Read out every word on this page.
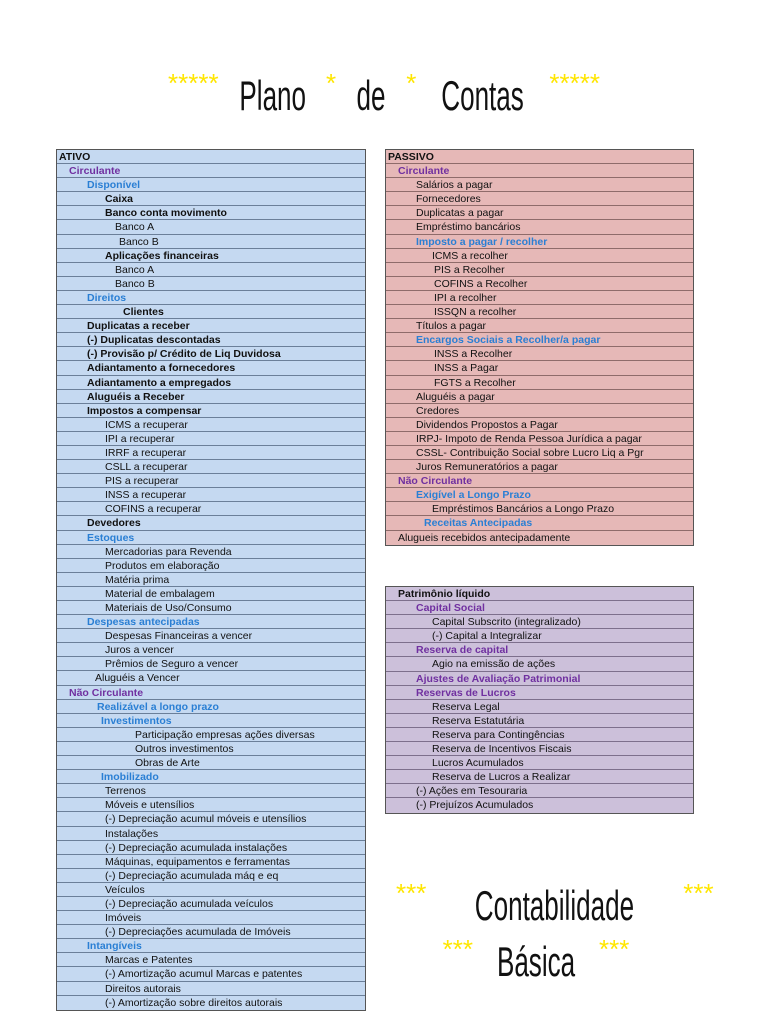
***** Plano * de * Contas *****
ATIVO
Circulante
Disponível
Caixa
Banco conta movimento
Banco A
Banco B
Aplicações financeiras
Banco A
Banco B
Direitos
Clientes
Duplicatas a receber
(-) Duplicatas descontadas
(-) Provisão p/ Crédito de Liq Duvidosa
Adiantamento a fornecedores
Adiantamento a empregados
Aluguéis a Receber
Impostos a compensar
ICMS a recuperar
IPI a recuperar
IRRF a recuperar
CSLL a recuperar
PIS a recuperar
INSS a recuperar
COFINS a recuperar
Devedores
Estoques
Mercadorias para Revenda
Produtos em elaboração
Matéria prima
Material de embalagem
Materiais de Uso/Consumo
Despesas antecipadas
Despesas Financeiras a vencer
Juros a vencer
Prêmios de Seguro a vencer
Aluguéis a Vencer
Não Circulante
Realizável a longo prazo
Investimentos
Participação empresas ações diversas
Outros investimentos
Obras de Arte
Imobilizado
Terrenos
Móveis e utensílios
(-) Depreciação acumul móveis e utensílios
Instalações
(-) Depreciação acumulada instalações
Máquinas, equipamentos e ferramentas
(-) Depreciação acumulada máq e eq
Veículos
(-) Depreciação acumulada veículos
Imóveis
(-) Depreciações acumulada de Imóveis
Intangíveis
Marcas e Patentes
(-) Amortização acumul Marcas e patentes
Direitos autorais
(-) Amortização sobre direitos autorais
PASSIVO
Circulante
Salários a pagar
Fornecedores
Duplicatas a pagar
Empréstimo bancários
Imposto a pagar / recolher
ICMS a recolher
PIS a Recolher
COFINS a Recolher
IPI a recolher
ISSQN a recolher
Títulos a pagar
Encargos Sociais a Recolher/a pagar
INSS a Recolher
INSS a Pagar
FGTS a Recolher
Aluguéis a pagar
Credores
Dividendos Propostos a Pagar
IRPJ- Impoto de Renda Pessoa Jurídica a pagar
CSSL- Contribuição Social sobre Lucro Liq a Pgr
Juros Remuneratórios a pagar
Não Circulante
Exigível a Longo Prazo
Empréstimos Bancários a Longo Prazo
Receitas Antecipadas
Alugueis recebidos antecipadamente
Patrimônio líquido
Capital Social
Capital Subscrito (integralizado)
(-) Capital a Integralizar
Reserva de capital
Agio na emissão de ações
Ajustes de Avaliação Patrimonial
Reservas de Lucros
Reserva Legal
Reserva Estatutária
Reserva para Contingências
Reserva de Incentivos Fiscais
Lucros Acumulados
Reserva de Lucros a Realizar
(-) Ações em Tesouraria
(-) Prejuízos Acumulados
*** Contabilidade ***
*** Básica ***
